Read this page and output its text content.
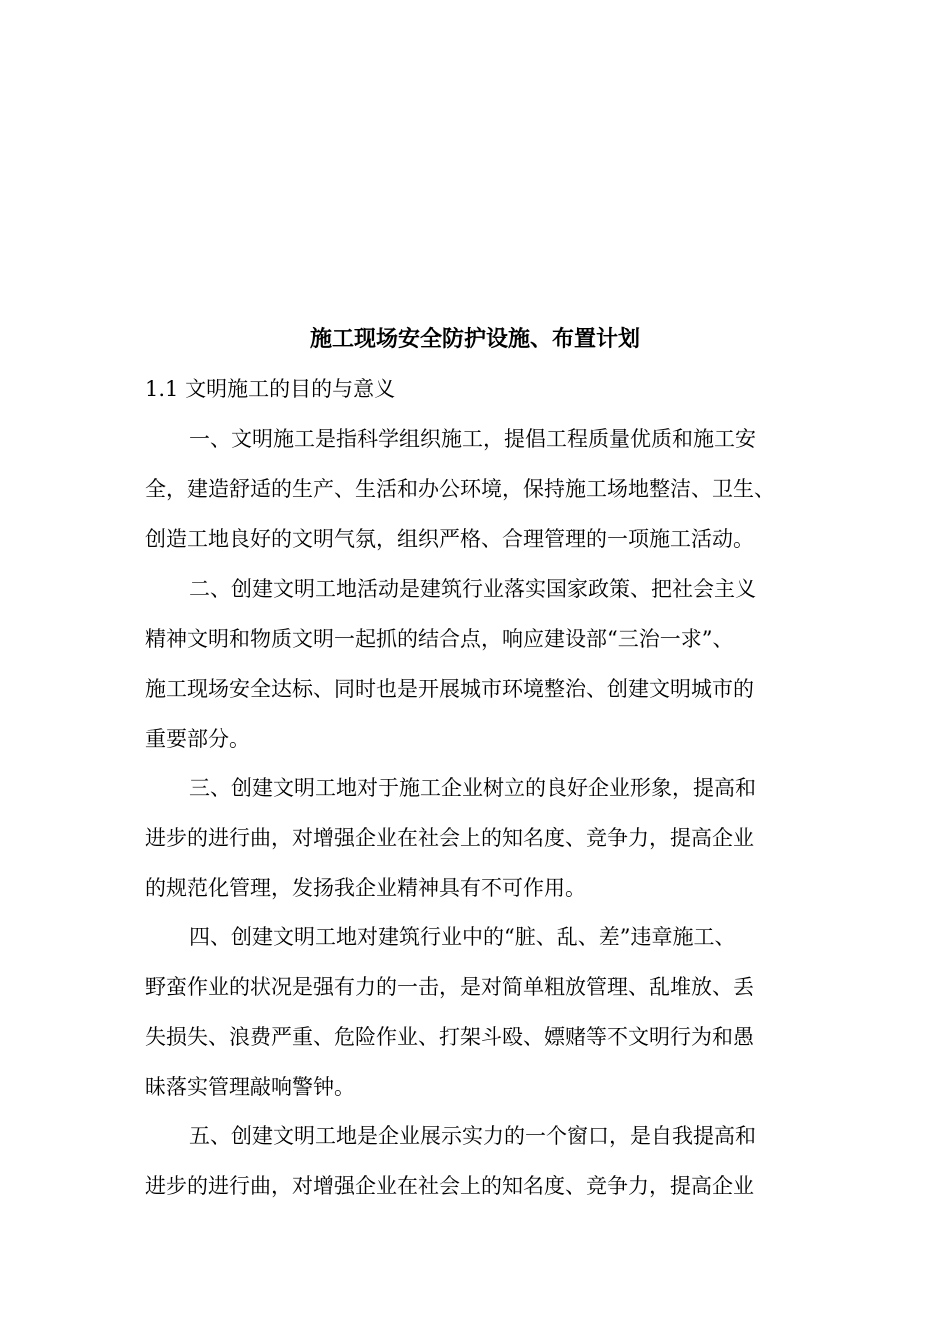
施工现场安全防护设施、布置计划
1.1 文明施工的目的与意义
一、文明施工是指科学组织施工，提倡工程质量优质和施工安
全，建造舒适的生产、生活和办公环境，保持施工场地整洁、卫生、
创造工地良好的文明气氛，组织严格、合理管理的一项施工活动。
二、创建文明工地活动是建筑行业落实国家政策、把社会主义
精神文明和物质文明一起抓的结合点，响应建设部“三治一求”、
施工现场安全达标、同时也是开展城市环境整治、创建文明城市的
重要部分。
三、创建文明工地对于施工企业树立的良好企业形象，提高和
进步的进行曲，对增强企业在社会上的知名度、竞争力，提高企业
的规范化管理，发扬我企业精神具有不可作用。
四、创建文明工地对建筑行业中的“脏、乱、差”违章施工、
野蛮作业的状况是强有力的一击，是对简单粗放管理、乱堆放、丢
失损失、浪费严重、危险作业、打架斗殴、嫖赌等不文明行为和愚
昧落实管理敲响警钟。
五、创建文明工地是企业展示实力的一个窗口，是自我提高和
进步的进行曲，对增强企业在社会上的知名度、竞争力，提高企业
